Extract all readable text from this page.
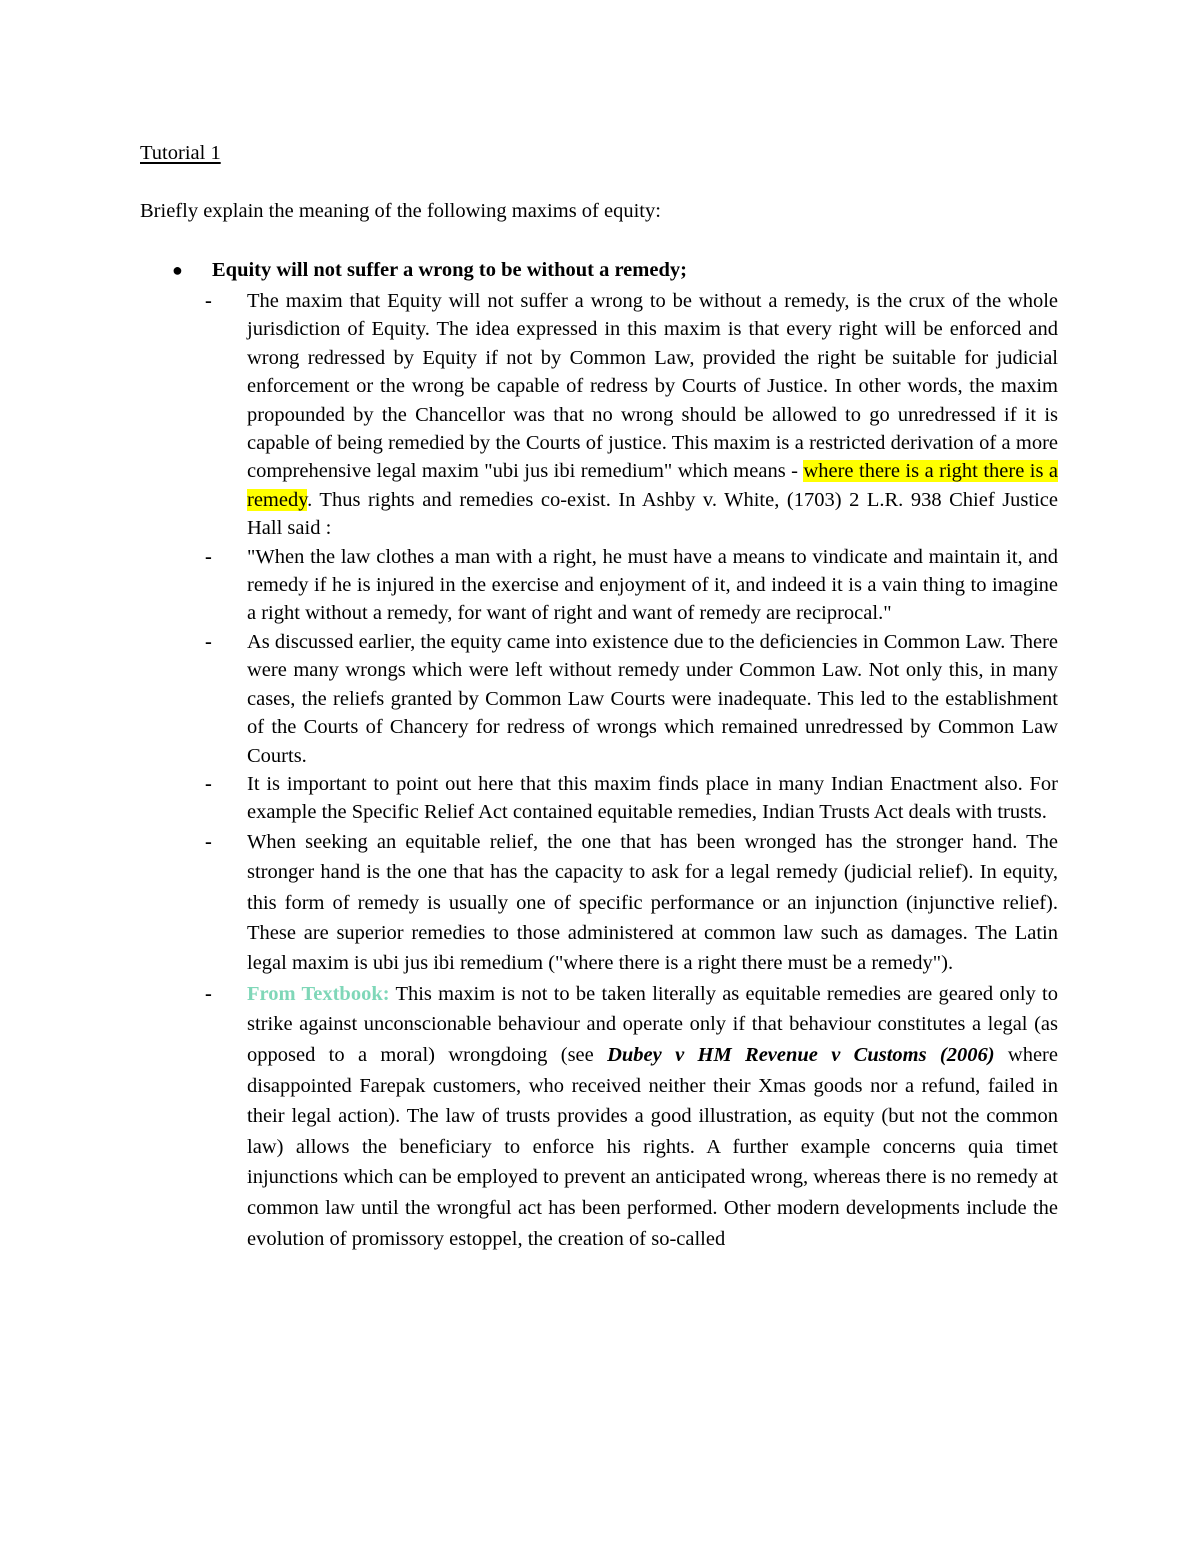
Tutorial 1
Briefly explain the meaning of the following maxims of equity:
● Equity will not suffer a wrong to be without a remedy;
- The maxim that Equity will not suffer a wrong to be without a remedy, is the crux of the whole jurisdiction of Equity. The idea expressed in this maxim is that every right will be enforced and wrong redressed by Equity if not by Common Law, provided the right be suitable for judicial enforcement or the wrong be capable of redress by Courts of Justice. In other words, the maxim propounded by the Chancellor was that no wrong should be allowed to go unredressed if it is capable of being remedied by the Courts of justice. This maxim is a restricted derivation of a more comprehensive legal maxim "ubi jus ibi remedium" which means - where there is a right there is a remedy. Thus rights and remedies co-exist. In Ashby v. White, (1703) 2 L.R. 938 Chief Justice Hall said :
- "When the law clothes a man with a right, he must have a means to vindicate and maintain it, and remedy if he is injured in the exercise and enjoyment of it, and indeed it is a vain thing to imagine a right without a remedy, for want of right and want of remedy are reciprocal."
- As discussed earlier, the equity came into existence due to the deficiencies in Common Law. There were many wrongs which were left without remedy under Common Law. Not only this, in many cases, the reliefs granted by Common Law Courts were inadequate. This led to the establishment of the Courts of Chancery for redress of wrongs which remained unredressed by Common Law Courts.
- It is important to point out here that this maxim finds place in many Indian Enactment also. For example the Specific Relief Act contained equitable remedies, Indian Trusts Act deals with trusts.
- When seeking an equitable relief, the one that has been wronged has the stronger hand. The stronger hand is the one that has the capacity to ask for a legal remedy (judicial relief). In equity, this form of remedy is usually one of specific performance or an injunction (injunctive relief). These are superior remedies to those administered at common law such as damages. The Latin legal maxim is ubi jus ibi remedium ("where there is a right there must be a remedy").
- From Textbook: This maxim is not to be taken literally as equitable remedies are geared only to strike against unconscionable behaviour and operate only if that behaviour constitutes a legal (as opposed to a moral) wrongdoing (see Dubey v HM Revenue v Customs (2006) where disappointed Farepak customers, who received neither their Xmas goods nor a refund, failed in their legal action). The law of trusts provides a good illustration, as equity (but not the common law) allows the beneficiary to enforce his rights. A further example concerns quia timet injunctions which can be employed to prevent an anticipated wrong, whereas there is no remedy at common law until the wrongful act has been performed. Other modern developments include the evolution of promissory estoppel, the creation of so-called
